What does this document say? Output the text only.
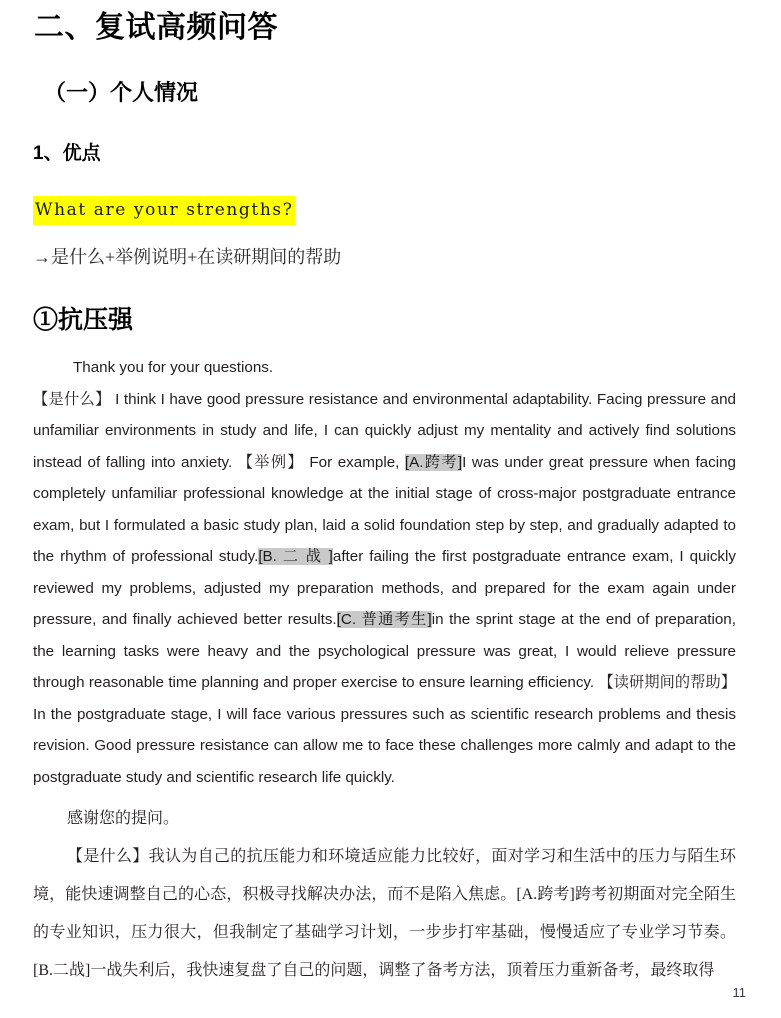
二、复试高频问答
（一）个人情况
1、优点
What are your strengths?
→是什么+举例说明+在读研期间的帮助
①抗压强

Thank you for your questions.

【是什么】 I think I have good pressure resistance and environmental adaptability. Facing pressure and unfamiliar environments in study and life, I can quickly adjust my mentality and actively find solutions instead of falling into anxiety. 【举例】 For example, [A.跨考]I was under great pressure when facing completely unfamiliar professional knowledge at the initial stage of cross-major postgraduate entrance exam, but I formulated a basic study plan, laid a solid foundation step by step, and gradually adapted to the rhythm of professional study.[B. 二 战 ]after failing the first postgraduate entrance exam, I quickly reviewed my problems, adjusted my preparation methods, and prepared for the exam again under pressure, and finally achieved better results.[C. 普通考生]in the sprint stage at the end of preparation, the learning tasks were heavy and the psychological pressure was great, I would relieve pressure through reasonable time planning and proper exercise to ensure learning efficiency. 【读研期间的帮助】 In the postgraduate stage, I will face various pressures such as scientific research problems and thesis revision. Good pressure resistance can allow me to face these challenges more calmly and adapt to the postgraduate study and scientific research life quickly.

感谢您的提问。

【是什么】我认为自己的抗压能力和环境适应能力比较好，面对学习和生活中的压力与陌生环境，能快速调整自己的心态，积极寻找解决办法，而不是陷入焦虑。[A.跨考]跨考初期面对完全陌生的专业知识，压力很大，但我制定了基础学习计划，一步步打牢基础，慢慢适应了专业学习节奏。[B.二战]一战失利后，我快速复盘了自己的问题，调整了备考方法，顶着压力重新备考，最终取得

11
